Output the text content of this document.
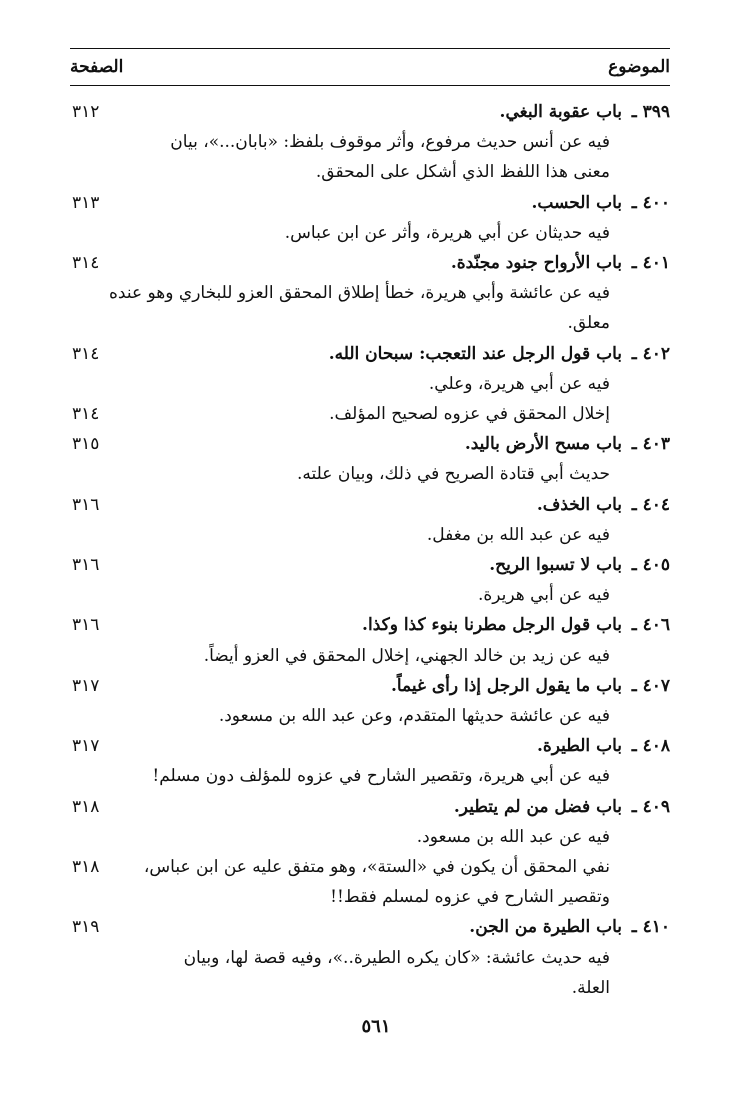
الموضوع
الصفحة
٣٩٩ ـ
باب عقوبة البغي.
٣١٢
فيه عن أنس حديث مرفوع، وأثر موقوف بلفظ: «بابان...»، بيان
معنى هذا اللفظ الذي أشكل على المحقق.
٤٠٠ ـ
باب الحسب.
٣١٣
فيه حديثان عن أبي هريرة، وأثر عن ابن عباس.
٤٠١ ـ
باب الأرواح جنود مجنّدة.
٣١٤
فيه عن عائشة وأبي هريرة، خطأ إطلاق المحقق العزو للبخاري وهو عنده
معلق.
٤٠٢ ـ
باب قول الرجل عند التعجب: سبحان الله.
٣١٤
فيه عن أبي هريرة، وعلي.
إخلال المحقق في عزوه لصحيح المؤلف.
٣١٤
٤٠٣ ـ
باب مسح الأرض باليد.
٣١٥
حديث أبي قتادة الصريح في ذلك، وبيان علته.
٤٠٤ ـ
باب الخذف.
٣١٦
فيه عن عبد الله بن مغفل.
٤٠٥ ـ
باب لا تسبوا الريح.
٣١٦
فيه عن أبي هريرة.
٤٠٦ ـ
باب قول الرجل مطرنا بنوء كذا وكذا.
٣١٦
فيه عن زيد بن خالد الجهني، إخلال المحقق في العزو أيضاً.
٤٠٧ ـ
باب ما يقول الرجل إذا رأى غيماً.
٣١٧
فيه عن عائشة حديثها المتقدم، وعن عبد الله بن مسعود.
٤٠٨ ـ
باب الطيرة.
٣١٧
فيه عن أبي هريرة، وتقصير الشارح في عزوه للمؤلف دون مسلم!
٤٠٩ ـ
باب فضل من لم يتطير.
٣١٨
فيه عن عبد الله بن مسعود.
نفي المحقق أن يكون في «الستة»، وهو متفق عليه عن ابن عباس،
٣١٨
وتقصير الشارح في عزوه لمسلم فقط!!
٤١٠ ـ
باب الطيرة من الجن.
٣١٩
فيه حديث عائشة: «كان يكره الطيرة..»، وفيه قصة لها، وبيان
العلة.
٥٦١
